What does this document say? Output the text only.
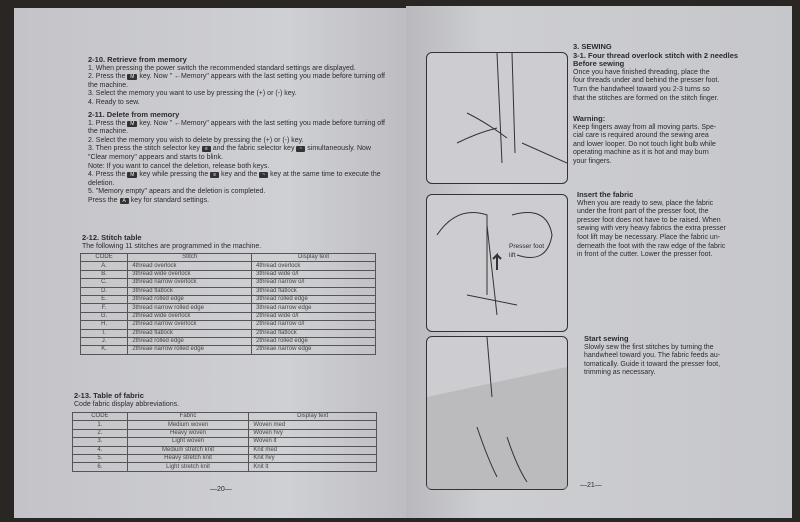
2-10. Retrieve from memory
1. When pressing the power switch the recommended standard settings are displayed.
2. Press the M key. Now " ←Memory" appears with the last setting you made before turning off
the machine.
3. Select the memory you want to use by pressing the (+) or (-) key.
4. Ready to sew.
2-11. Delete from memory
1. Press the M key. Now " ←Memory" appears with the last setting you made before turning off
the machine.
2. Select the memory you wish to delete by pressing the (+) or (-) key.
3. Then press the stitch selector key ≡ and the fabric selector key ~ simultaneously. Now
"Clear memory" appears and starts to blink.
Note: If you want to cancel the deletion, release both keys.
4. Press the M key while pressing the ≡ key and the ~ key at the same time to execute the
deletion.
5. "Memory empty" apears and the deletion is completed.
Press the A key for standard settings.
2-12. Stitch table
The following 11 stitches are programmed in the machine.
CODE	Stitch	Display text
A.	4thread overlock	4thread overlock
B.	3thread wide overlock	3thread wide o/l
C.	3thread narrow overlock	3thread narrow o/l
D.	3thread flatlock	3thread flatlock
E.	3thread rolled edge	3thread rolled edge
F.	3thread narrow rolled edge	3thread narrow edge
G.	2thread wide overlock	2thread wide o/l
H.	2thread narrow overlock	2thread narrow o/l
I.	2thread flatlock	2thread flatlock
J.	2thread rolled edge	2thread rolled edge
K.	2threae narrow rolled edge	2threae narrow edge
2-13. Table of fabric
Code fabric display abbreviations.
CODE	Fabric	Display text
1.	Medium woven	Woven med
2.	Heavy woven	Woven hvy
3.	Light woven	Woven lt
4.	Medium stretch knit	Knit med
5.	Heavy stretch knit	Knit hvy
6.	Light stretch knit	Knit lt
—20—
Presser foot lift
3. SEWING
3-1. Four thread overlock stitch with 2 needles
Before sewing
Once you have finished threading, place the
four threads under and behind the presser foot.
Turn the handwheel toward you 2-3 turns so
that the stitches are formed on the stitch finger.
Warning:
Keep fingers away from all moving parts. Spe-
cial care is required around the sewing area
and lower looper. Do not touch light bulb while
operating machine as it is hot and may burn
your fingers.
Insert the fabric
When you are ready to sew, place the fabric
under the front part of the presser foot, the
presser foot does not have to be raised. When
sewing with very heavy fabrics the extra presser
foot lift may be necessary. Place the fabric un-
derneath the foot with the raw edge of the fabric
in front of the cutter. Lower the presser foot.
Start sewing
Slowly sew the first stitches by turning the
handwheel toward you. The fabric feeds au-
tomatically. Guide it toward the presser foot,
trimming as necessary.
—21—
